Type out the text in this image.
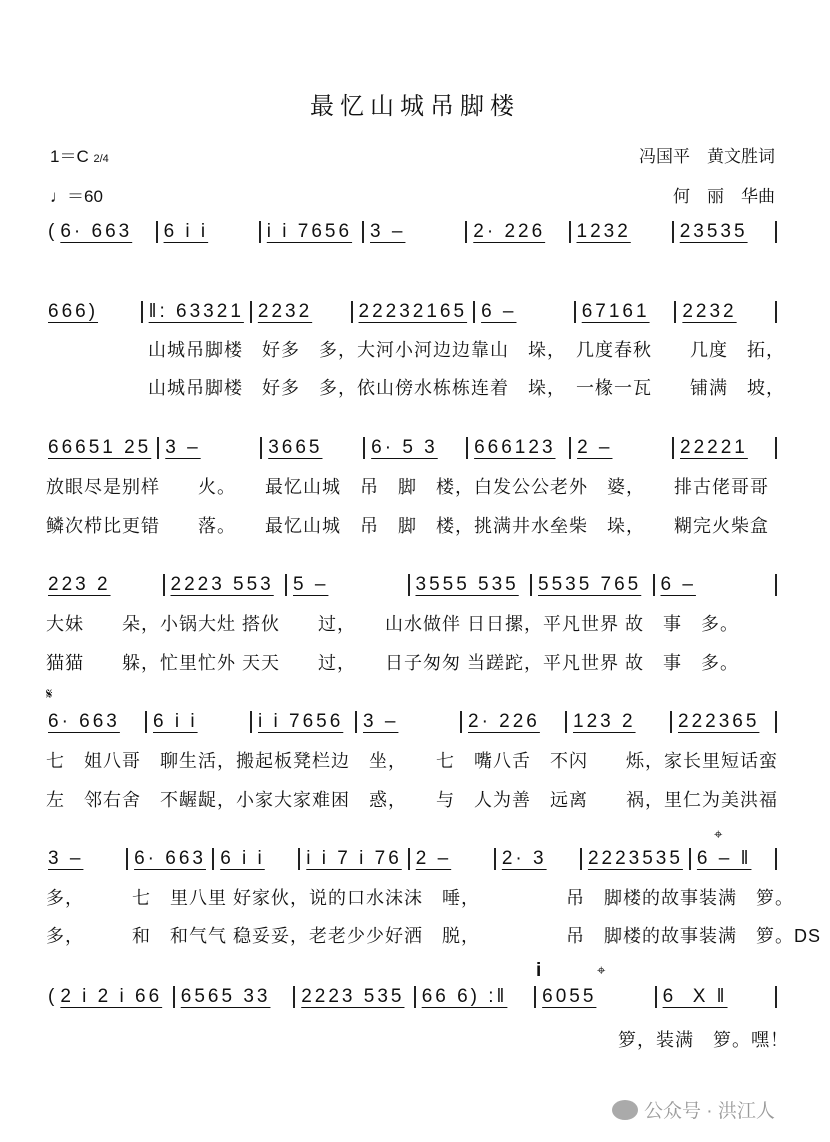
最忆山城吊脚楼
1＝C 2/4
♩＝60
冯国平　黄文胜词
何　丽　华曲
( 6· 663 6 i i	i i 7656 3 –	2· 226 1232	23535
666)	‖: 63321 2232 22232165 6 –	67161 2232
66651 25 3 –	3665	6· 5 3 666123 2 –	22221
223 2	2223 553 5 –	3555 535 5535 765 6 –
6· 663 6 i i	i i 7656 3 –	2· 226 123 2 222365
3 –	6· 663 6 i i i i 7 i 76 2 –	2· 3 2223535 6 – ‖
( 2 i 2 i 66 6565 33 2223 535 66 6) :‖ 6055	6  X ‖
山城吊脚楼　好多　多，大河小河边边靠山　垛，　几度春秋　　几度　拓，
山城吊脚楼　好多　多，依山傍水栋栋连着　垛，　一椽一瓦　　铺满　坡，
放眼尽是别样　　火。　　最忆山城　吊　脚　楼，白发公公老外　婆，　　排古佬哥哥
鳞次栉比更错　　落。　　最忆山城　吊　脚　楼，挑满井水垒柴　垛，　　糊完火柴盒
大妹　　朵，小锅大灶 搭伙　　过，　　山水做伴 日日摞，平凡世界 故　事　多。
猫猫　　躲，忙里忙外 天天　　过，　　日子匆匆 当蹉跎，平凡世界 故　事　多。
七　姐八哥　聊生活，搬起板凳栏边　坐，　　七　嘴八舌　不闪　　烁，家长里短话蛮
左　邻右舍　不龌龊，小家大家难困　惑，　　与　人为善　远离　　祸，里仁为美洪福
多，　　　七　里八里 好家伙，说的口水沫沫　唾，　　　　　吊　脚楼的故事装满　箩。
多，　　　和　和气气 稳妥妥，老老少少好洒　脱，　　　　　吊　脚楼的故事装满　箩。DS
箩，装满　箩。嘿！
𝄋
⌖
⌖
i
公众号 · 洪江人
